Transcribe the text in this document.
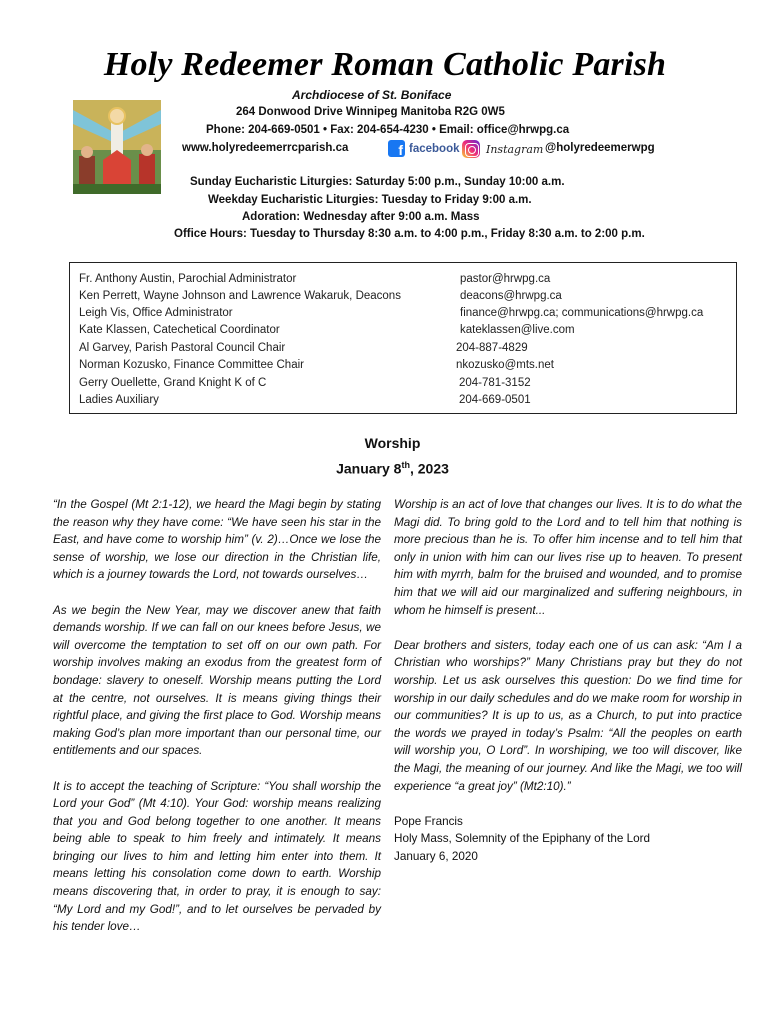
Holy Redeemer Roman Catholic Parish
Archdiocese of St. Boniface
264 Donwood Drive Winnipeg Manitoba R2G 0W5
Phone: 204-669-0501 • Fax: 204-654-4230 • Email: office@hrwpg.ca
www.holyredeemerrcparish.ca	f facebook Instagram @holyredeemerwpg
Sunday Eucharistic Liturgies: Saturday 5:00 p.m., Sunday 10:00 a.m.
Weekday Eucharistic Liturgies: Tuesday to Friday 9:00 a.m.
Adoration: Wednesday after 9:00 a.m. Mass
Office Hours: Tuesday to Thursday 8:30 a.m. to 4:00 p.m., Friday 8:30 a.m. to 2:00 p.m.
Fr. Anthony Austin, Parochial Administrator	pastor@hrwpg.ca
Ken Perrett, Wayne Johnson and Lawrence Wakaruk, Deacons	deacons@hrwpg.ca
Leigh Vis, Office Administrator	finance@hrwpg.ca; communications@hrwpg.ca
Kate Klassen, Catechetical Coordinator	kateklassen@live.com
Al Garvey, Parish Pastoral Council Chair	204-887-4829
Norman Kozusko, Finance Committee Chair	nkozusko@mts.net
Gerry Ouellette, Grand Knight K of C	204-781-3152
Ladies Auxiliary	204-669-0501
Worship
January 8th, 2023

“In the Gospel (Mt 2:1-12), we heard the Magi begin by stating the reason why they have come: “We have seen his star in the East, and have come to worship him” (v. 2)…Once we lose the sense of worship, we lose our direction in the Christian life, which is a journey towards the Lord, not towards ourselves…

As we begin the New Year, may we discover anew that faith demands worship. If we can fall on our knees before Jesus, we will overcome the temptation to set off on our own path. For worship involves making an exodus from the greatest form of bondage: slavery to oneself. Worship means putting the Lord at the centre, not ourselves. It is means giving things their rightful place, and giving the first place to God. Worship means making God’s plan more important than our personal time, our entitlements and our spaces.

It is to accept the teaching of Scripture: “You shall worship the Lord your God” (Mt 4:10). Your God: worship means realizing that you and God belong together to one another. It means being able to speak to him freely and intimately. It means bringing our lives to him and letting him enter into them. It means letting his consolation come down to earth. Worship means discovering that, in order to pray, it is enough to say: “My Lord and my God!”, and to let ourselves be pervaded by his tender love…

Worship is an act of love that changes our lives. It is to do what the Magi did. To bring gold to the Lord and to tell him that nothing is more precious than he is. To offer him incense and to tell him that only in union with him can our lives rise up to heaven. To present him with myrrh, balm for the bruised and wounded, and to promise him that we will aid our marginalized and suffering neighbours, in whom he himself is present...

Dear brothers and sisters, today each one of us can ask: “Am I a Christian who worships?” Many Christians pray but they do not worship. Let us ask ourselves this question: Do we find time for worship in our daily schedules and do we make room for worship in our communities? It is up to us, as a Church, to put into practice the words we prayed in today’s Psalm: “All the peoples on earth will worship you, O Lord”. In worshiping, we too will discover, like the Magi, the meaning of our journey. And like the Magi, we too will experience “a great joy” (Mt2:10).”

Pope Francis

Holy Mass, Solemnity of the Epiphany of the Lord

January 6, 2020
